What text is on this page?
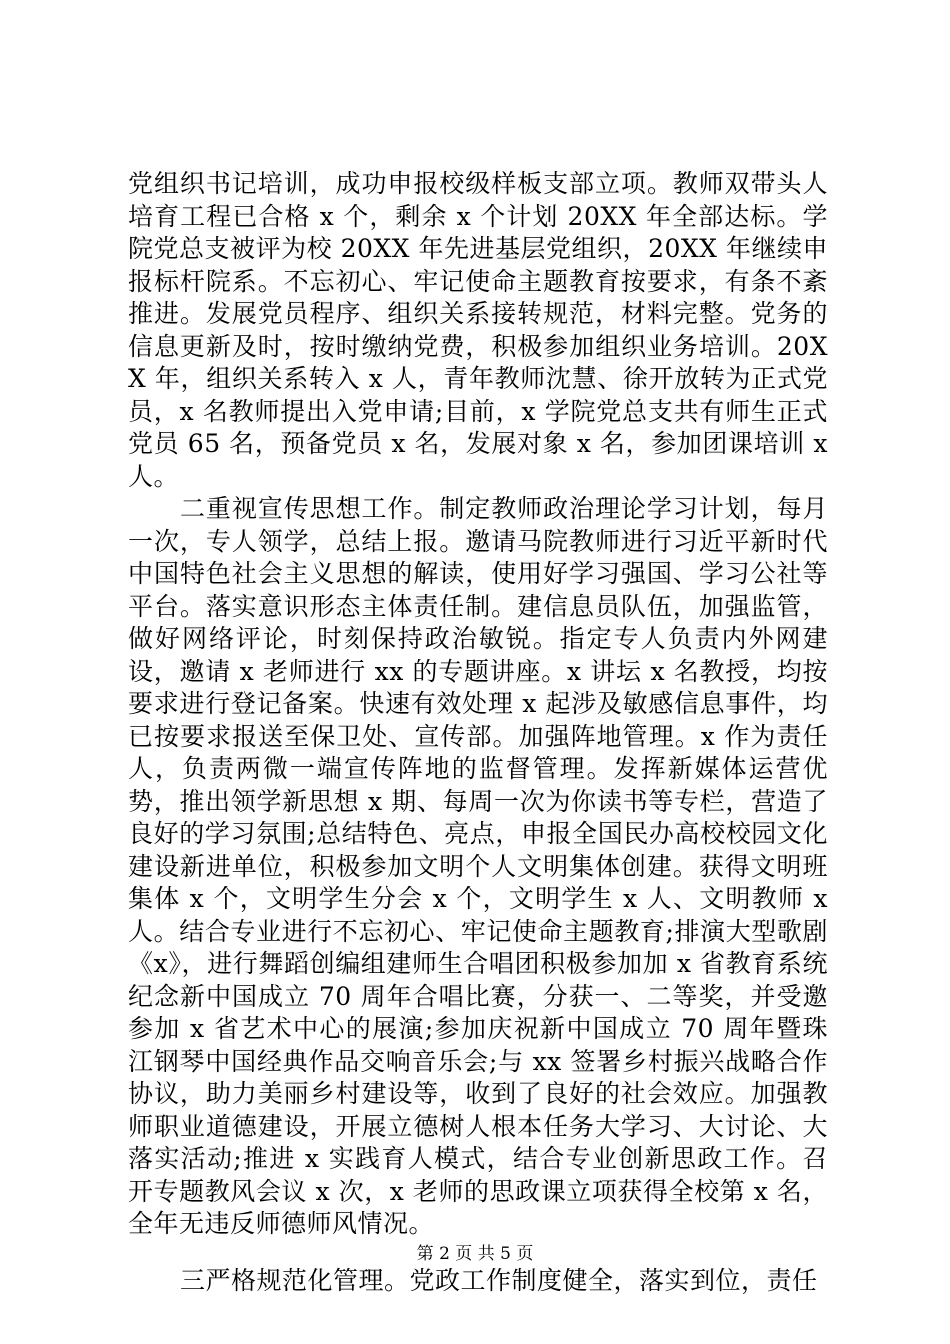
党组织书记培训，成功申报校级样板支部立项。教师双带头人培育工程已合格 x 个，剩余 x 个计划 20XX 年全部达标。学院党总支被评为校 20XX 年先进基层党组织，20XX 年继续申报标杆院系。不忘初心、牢记使命主题教育按要求，有条不紊推进。发展党员程序、组织关系接转规范，材料完整。党务的信息更新及时，按时缴纳党费，积极参加组织业务培训。20XX 年，组织关系转入 x 人，青年教师沈慧、徐开放转为正式党员，x 名教师提出入党申请;目前，x 学院党总支共有师生正式党员 65 名，预备党员 x 名，发展对象 x 名，参加团课培训 x 人。

二重视宣传思想工作。制定教师政治理论学习计划，每月一次，专人领学，总结上报。邀请马院教师进行习近平新时代中国特色社会主义思想的解读，使用好学习强国、学习公社等平台。落实意识形态主体责任制。建信息员队伍，加强监管，做好网络评论，时刻保持政治敏锐。指定专人负责内外网建设，邀请 x 老师进行 xx 的专题讲座。x 讲坛 x 名教授，均按要求进行登记备案。快速有效处理 x 起涉及敏感信息事件，均已按要求报送至保卫处、宣传部。加强阵地管理。x 作为责任人，负责两微一端宣传阵地的监督管理。发挥新媒体运营优势，推出领学新思想 x 期、每周一次为你读书等专栏，营造了良好的学习氛围;总结特色、亮点，申报全国民办高校校园文化建设新进单位，积极参加文明个人文明集体创建。获得文明班集体 x 个，文明学生分会 x 个，文明学生 x 人、文明教师 x 人。结合专业进行不忘初心、牢记使命主题教育;排演大型歌剧《x》，进行舞蹈创编组建师生合唱团积极参加加 x 省教育系统纪念新中国成立 70 周年合唱比赛，分获一、二等奖，并受邀参加 x 省艺术中心的展演;参加庆祝新中国成立 70 周年暨珠江钢琴中国经典作品交响音乐会;与 xx 签署乡村振兴战略合作协议，助力美丽乡村建设等，收到了良好的社会效应。加强教师职业道德建设，开展立德树人根本任务大学习、大讨论、大落实活动;推进 x 实践育人模式，结合专业创新思政工作。召开专题教风会议 x 次，x 老师的思政课立项获得全校第 x 名，全年无违反师德师风情况。

三严格规范化管理。党政工作制度健全，落实到位，责任

第 2 页 共 5 页
